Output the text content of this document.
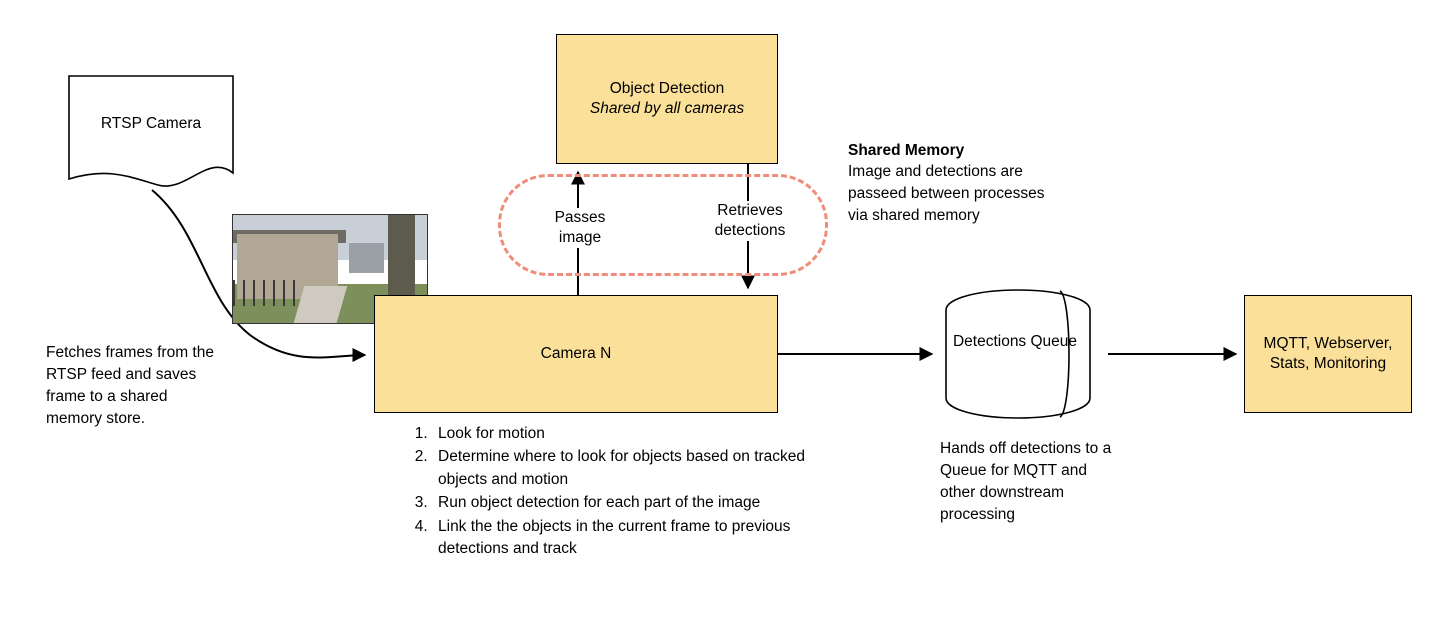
RTSP Camera
Object Detection
Shared by all cameras
Passes image
Retrieves detections
Shared Memory
Image and detections are passeed between processes via shared memory
Fetches frames from the RTSP feed and saves frame to a shared memory store.
Camera N
1. Look for motion
2. Determine where to look for objects based on tracked objects and motion
3. Run object detection for each part of the image
4. Link the the objects in the current frame to previous detections and track
Detections Queue
Hands off detections to a Queue for MQTT and other downstream processing
MQTT, Webserver, Stats, Monitoring
